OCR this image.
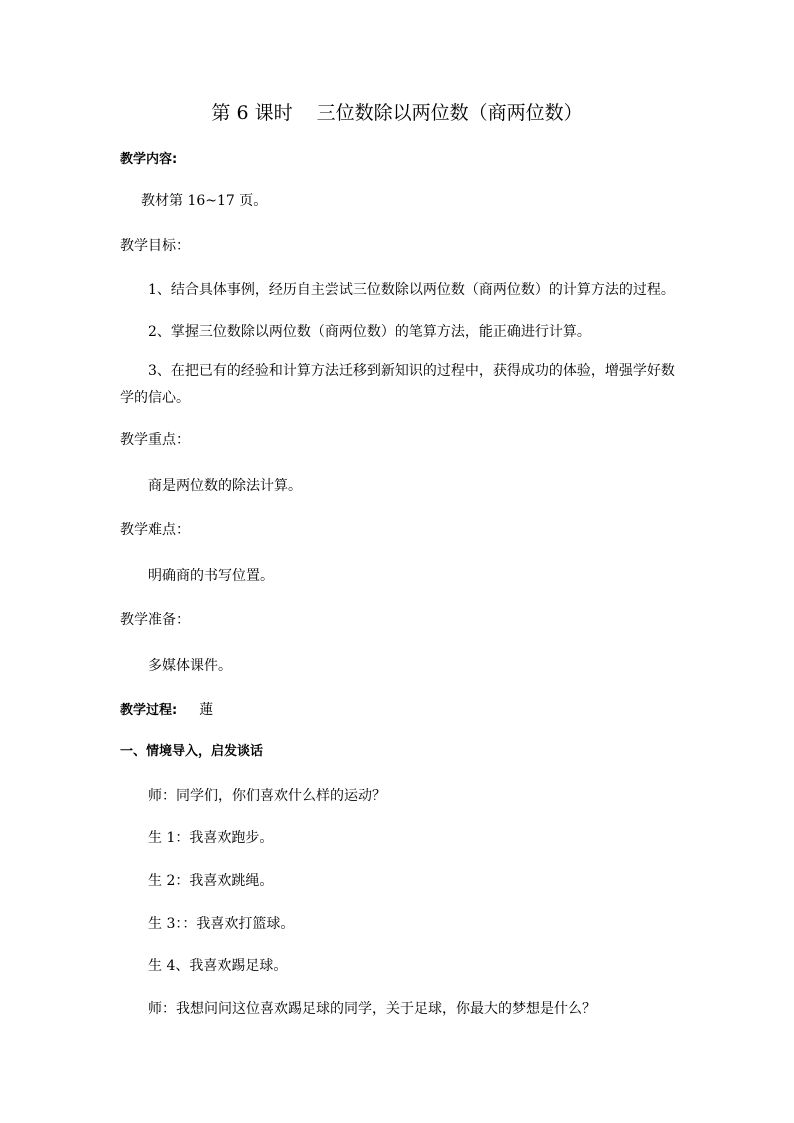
第 6 课时 三位数除以两位数（商两位数）
教学内容:
教材第 16~17 页。
教学目标：
1、结合具体事例，经历自主尝试三位数除以两位数（商两位数）的计算方法的过程。
2、掌握三位数除以两位数（商两位数）的笔算方法，能正确进行计算。
3、在把已有的经验和计算方法迁移到新知识的过程中，获得成功的体验，增强学好数学的信心。
教学重点：
商是两位数的除法计算。
教学难点：
明确商的书写位置。
教学准备：
多媒体课件。
教学过程: 蓮
一、情境导入，启发谈话
师：同学们，你们喜欢什么样的运动？
生 1：我喜欢跑步。
生 2：我喜欢跳绳。
生 3：：我喜欢打篮球。
生 4、我喜欢踢足球。
师：我想问问这位喜欢踢足球的同学，关于足球，你最大的梦想是什么？
